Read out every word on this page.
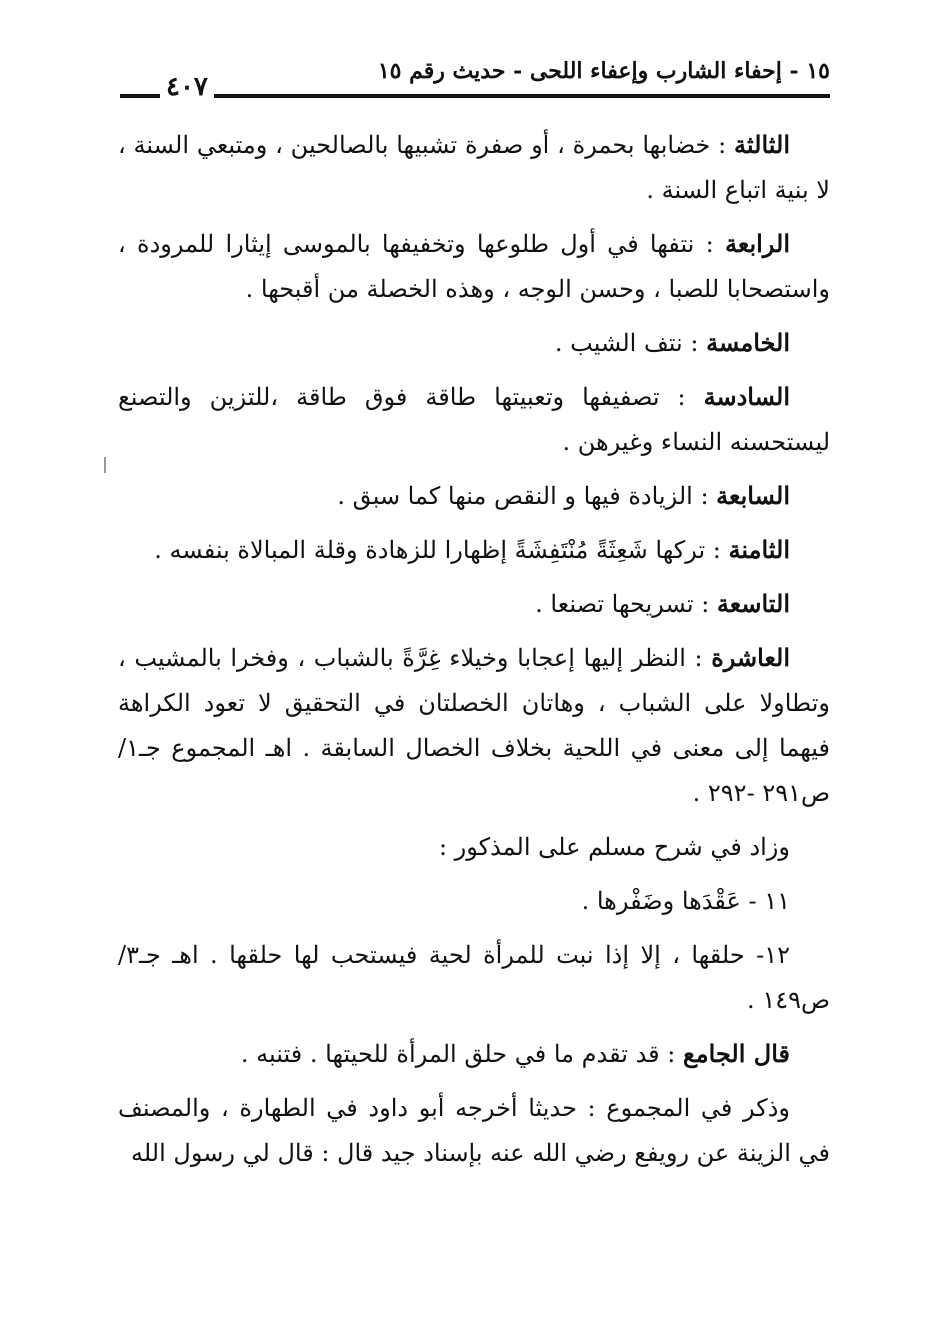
١٥ - إحفاء الشارب وإعفاء اللحى - حديث رقم ١٥
٤٠٧

الثالثة : خضابها بحمرة ، أو صفرة تشبيها بالصالحين ، ومتبعي السنة ، لا بنية اتباع السنة .

الرابعة : نتفها في أول طلوعها وتخفيفها بالموسى إيثارا للمرودة ، واستصحابا للصبا ، وحسن الوجه ، وهذه الخصلة من أقبحها .

الخامسة : نتف الشيب .

السادسة : تصفيفها وتعبيتها طاقة فوق طاقة ،للتزين والتصنع ليستحسنه النساء وغيرهن .

السابعة : الزيادة فيها و النقص منها كما سبق .

الثامنة : تركها شَعِثَةً مُنْتَفِشَةً إظهارا للزهادة وقلة المبالاة بنفسه .

التاسعة : تسريحها تصنعا .

العاشرة : النظر إليها إعجابا وخيلاء غِرَّةً بالشباب ، وفخرا بالمشيب ، وتطاولا على الشباب ، وهاتان الخصلتان في التحقيق لا تعود الكراهة فيهما إلى معنى في اللحية بخلاف الخصال السابقة . اهـ المجموع جـ١/ ص٢٩١ -٢٩٢ .

وزاد في شرح مسلم على المذكور :

١١ - عَقْدَها وضَفْرها .

١٢- حلقها ، إلا إذا نبت للمرأة لحية فيستحب لها حلقها . اهـ جـ٣/ ص١٤٩ .

قال الجامع : قد تقدم ما في حلق المرأة للحيتها . فتنبه .

وذكر في المجموع : حديثا أخرجه أبو داود في الطهارة ، والمصنف في الزينة عن رويفع رضي الله عنه بإسناد جيد قال : قال لي رسول الله
